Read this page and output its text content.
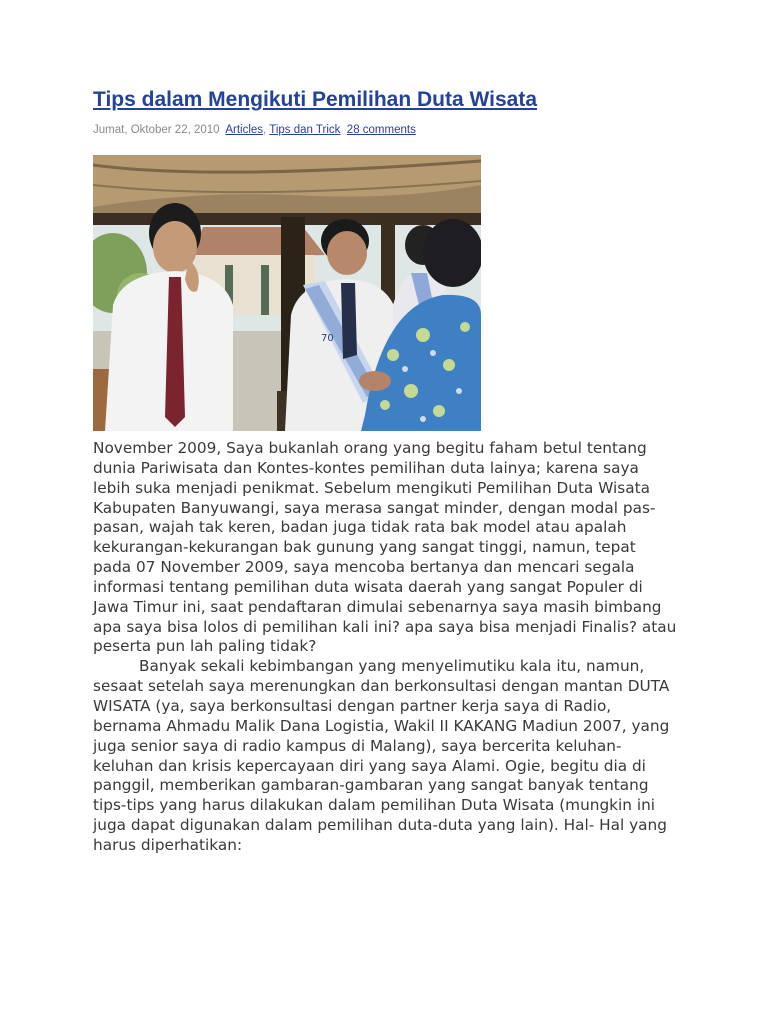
Tips dalam Mengikuti Pemilihan Duta Wisata
Jumat, Oktober 22, 2010 Articles, Tips dan Trick 28 comments
70

November 2009, Saya bukanlah orang yang begitu faham betul tentang dunia Pariwisata dan Kontes-kontes pemilihan duta lainya; karena saya lebih suka menjadi penikmat. Sebelum mengikuti Pemilihan Duta Wisata Kabupaten Banyuwangi, saya merasa sangat minder, dengan modal pas-pasan, wajah tak keren, badan juga tidak rata bak model atau apalah kekurangan-kekurangan bak gunung yang sangat tinggi, namun, tepat pada 07 November 2009, saya mencoba bertanya dan mencari segala informasi tentang pemilihan duta wisata daerah yang sangat Populer di Jawa Timur ini, saat pendaftaran dimulai sebenarnya saya masih bimbang apa saya bisa lolos di pemilihan kali ini? apa saya bisa menjadi Finalis? atau peserta pun lah paling tidak?

Banyak sekali kebimbangan yang menyelimutiku kala itu, namun, sesaat setelah saya merenungkan dan berkonsultasi dengan mantan DUTA WISATA (ya, saya berkonsultasi dengan partner kerja saya di Radio, bernama Ahmadu Malik Dana Logistia, Wakil II KAKANG Madiun 2007, yang juga senior saya di radio kampus di Malang), saya bercerita keluhan-keluhan dan krisis kepercayaan diri yang saya Alami. Ogie, begitu dia di panggil, memberikan gambaran-gambaran yang sangat banyak tentang tips-tips yang harus dilakukan dalam pemilihan Duta Wisata (mungkin ini juga dapat digunakan dalam pemilihan duta-duta yang lain). Hal- Hal yang harus diperhatikan:
